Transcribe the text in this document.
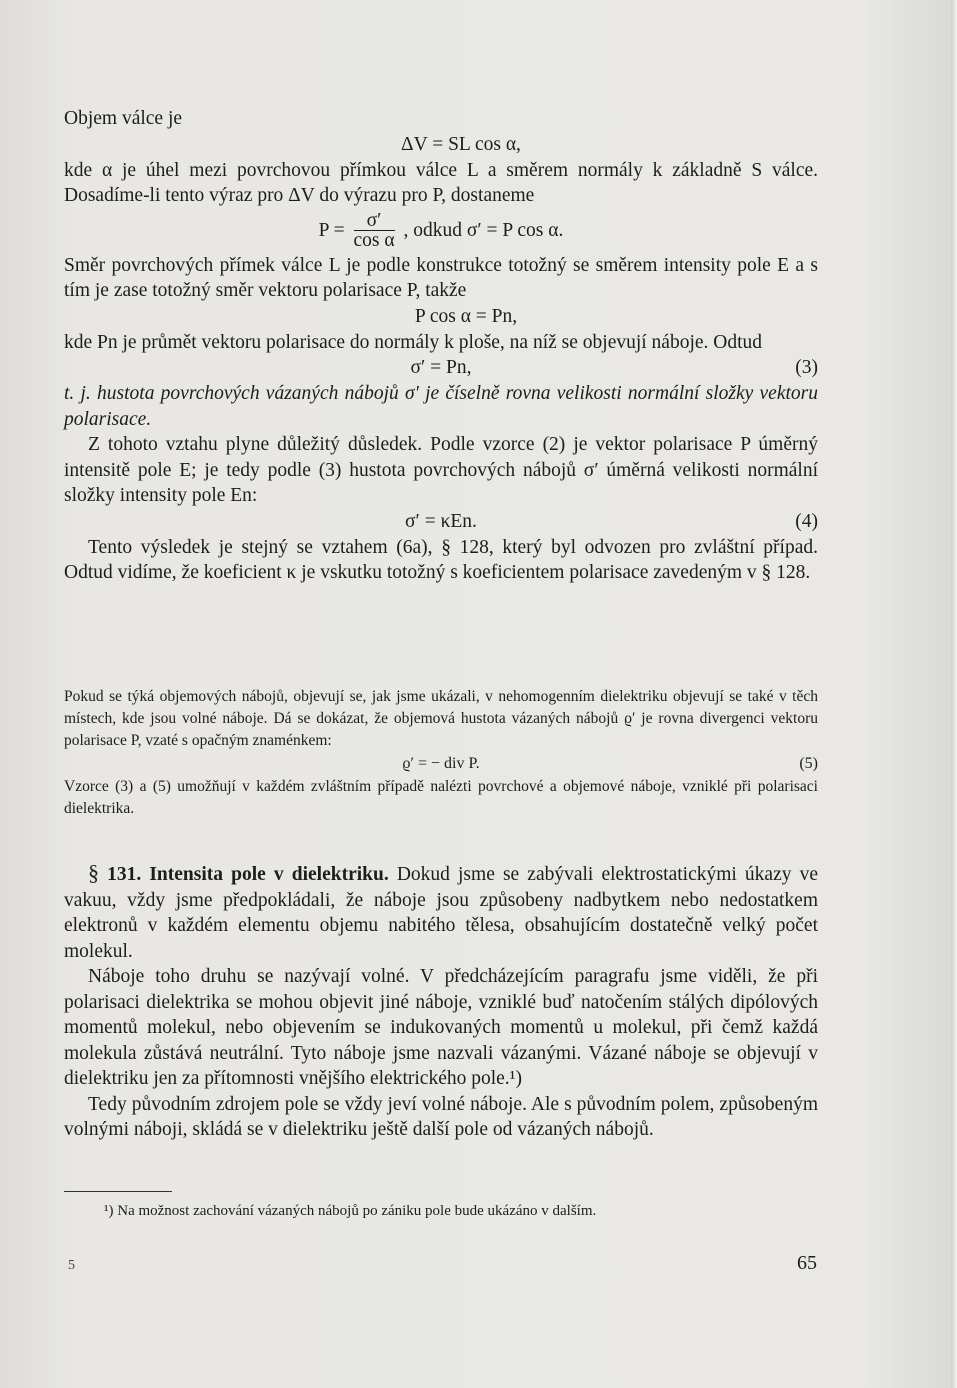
Objem válce je

ΔV = SL cos α,

kde α je úhel mezi povrchovou přímkou válce L a směrem normály k základně S válce. Dosadíme-li tento výraz pro ΔV do výrazu pro P, dostaneme

$P = \frac{\sigma'}{\text{cos α}}$ , odkud σ′ = P cos α.

Směr povrchových přímek válce L je podle konstrukce totožný se směrem intensity pole E a s tím je zase totožný směr vektoru polarisace P, takže

P cos α = Pn,

kde Pn je průmět vektoru polarisace do normály k ploše, na níž se objevují náboje. Odtud

σ′ = Pn,	(3)

t. j. hustota povrchových vázaných nábojů σ′ je číselně rovna velikosti normální složky vektoru polarisace.

Z tohoto vztahu plyne důležitý důsledek. Podle vzorce (2) je vektor polarisace P úměrný intensitě pole E; je tedy podle (3) hustota povrchových nábojů σ′ úměrná velikosti normální složky intensity pole En:

σ′ = κEn.	(4)

Tento výsledek je stejný se vztahem (6a), § 128, který byl odvozen pro zvláštní případ. Odtud vidíme, že koeficient κ je vskutku totožný s koeficientem polarisace zavedeným v § 128.

Pokud se týká objemových nábojů, objevují se, jak jsme ukázali, v nehomogenním dielektriku objevují se také v těch místech, kde jsou volné náboje. Dá se dokázat, že objemová hustota vázaných nábojů ϱ′ je rovna divergenci vektoru polarisace P, vzaté s opačným znaménkem:

ϱ′ = − div P.	(5)

Vzorce (3) a (5) umožňují v každém zvláštním případě nalézti povrchové a objemové náboje, vzniklé při polarisaci dielektrika.

§ 131. Intensita pole v dielektriku. Dokud jsme se zabývali elektrostatickými úkazy ve vakuu, vždy jsme předpokládali, že náboje jsou způsobeny nadbytkem nebo nedostatkem elektronů v každém elementu objemu nabitého tělesa, obsahujícím dostatečně velký počet molekul.

Náboje toho druhu se nazývají volné. V předcházejícím paragrafu jsme viděli, že při polarisaci dielektrika se mohou objevit jiné náboje, vzniklé buď natočením stálých dipólových momentů molekul, nebo objevením se indukovaných momentů u molekul, při čemž každá molekula zůstává neutrální. Tyto náboje jsme nazvali vázanými. Vázané náboje se objevují v dielektriku jen za přítomnosti vnějšího elektrického pole.¹)

Tedy původním zdrojem pole se vždy jeví volné náboje. Ale s původním polem, způsobeným volnými náboji, skládá se v dielektriku ještě další pole od vázaných nábojů.

¹) Na možnost zachování vázaných nábojů po zániku pole bude ukázáno v dalším.

5	65
